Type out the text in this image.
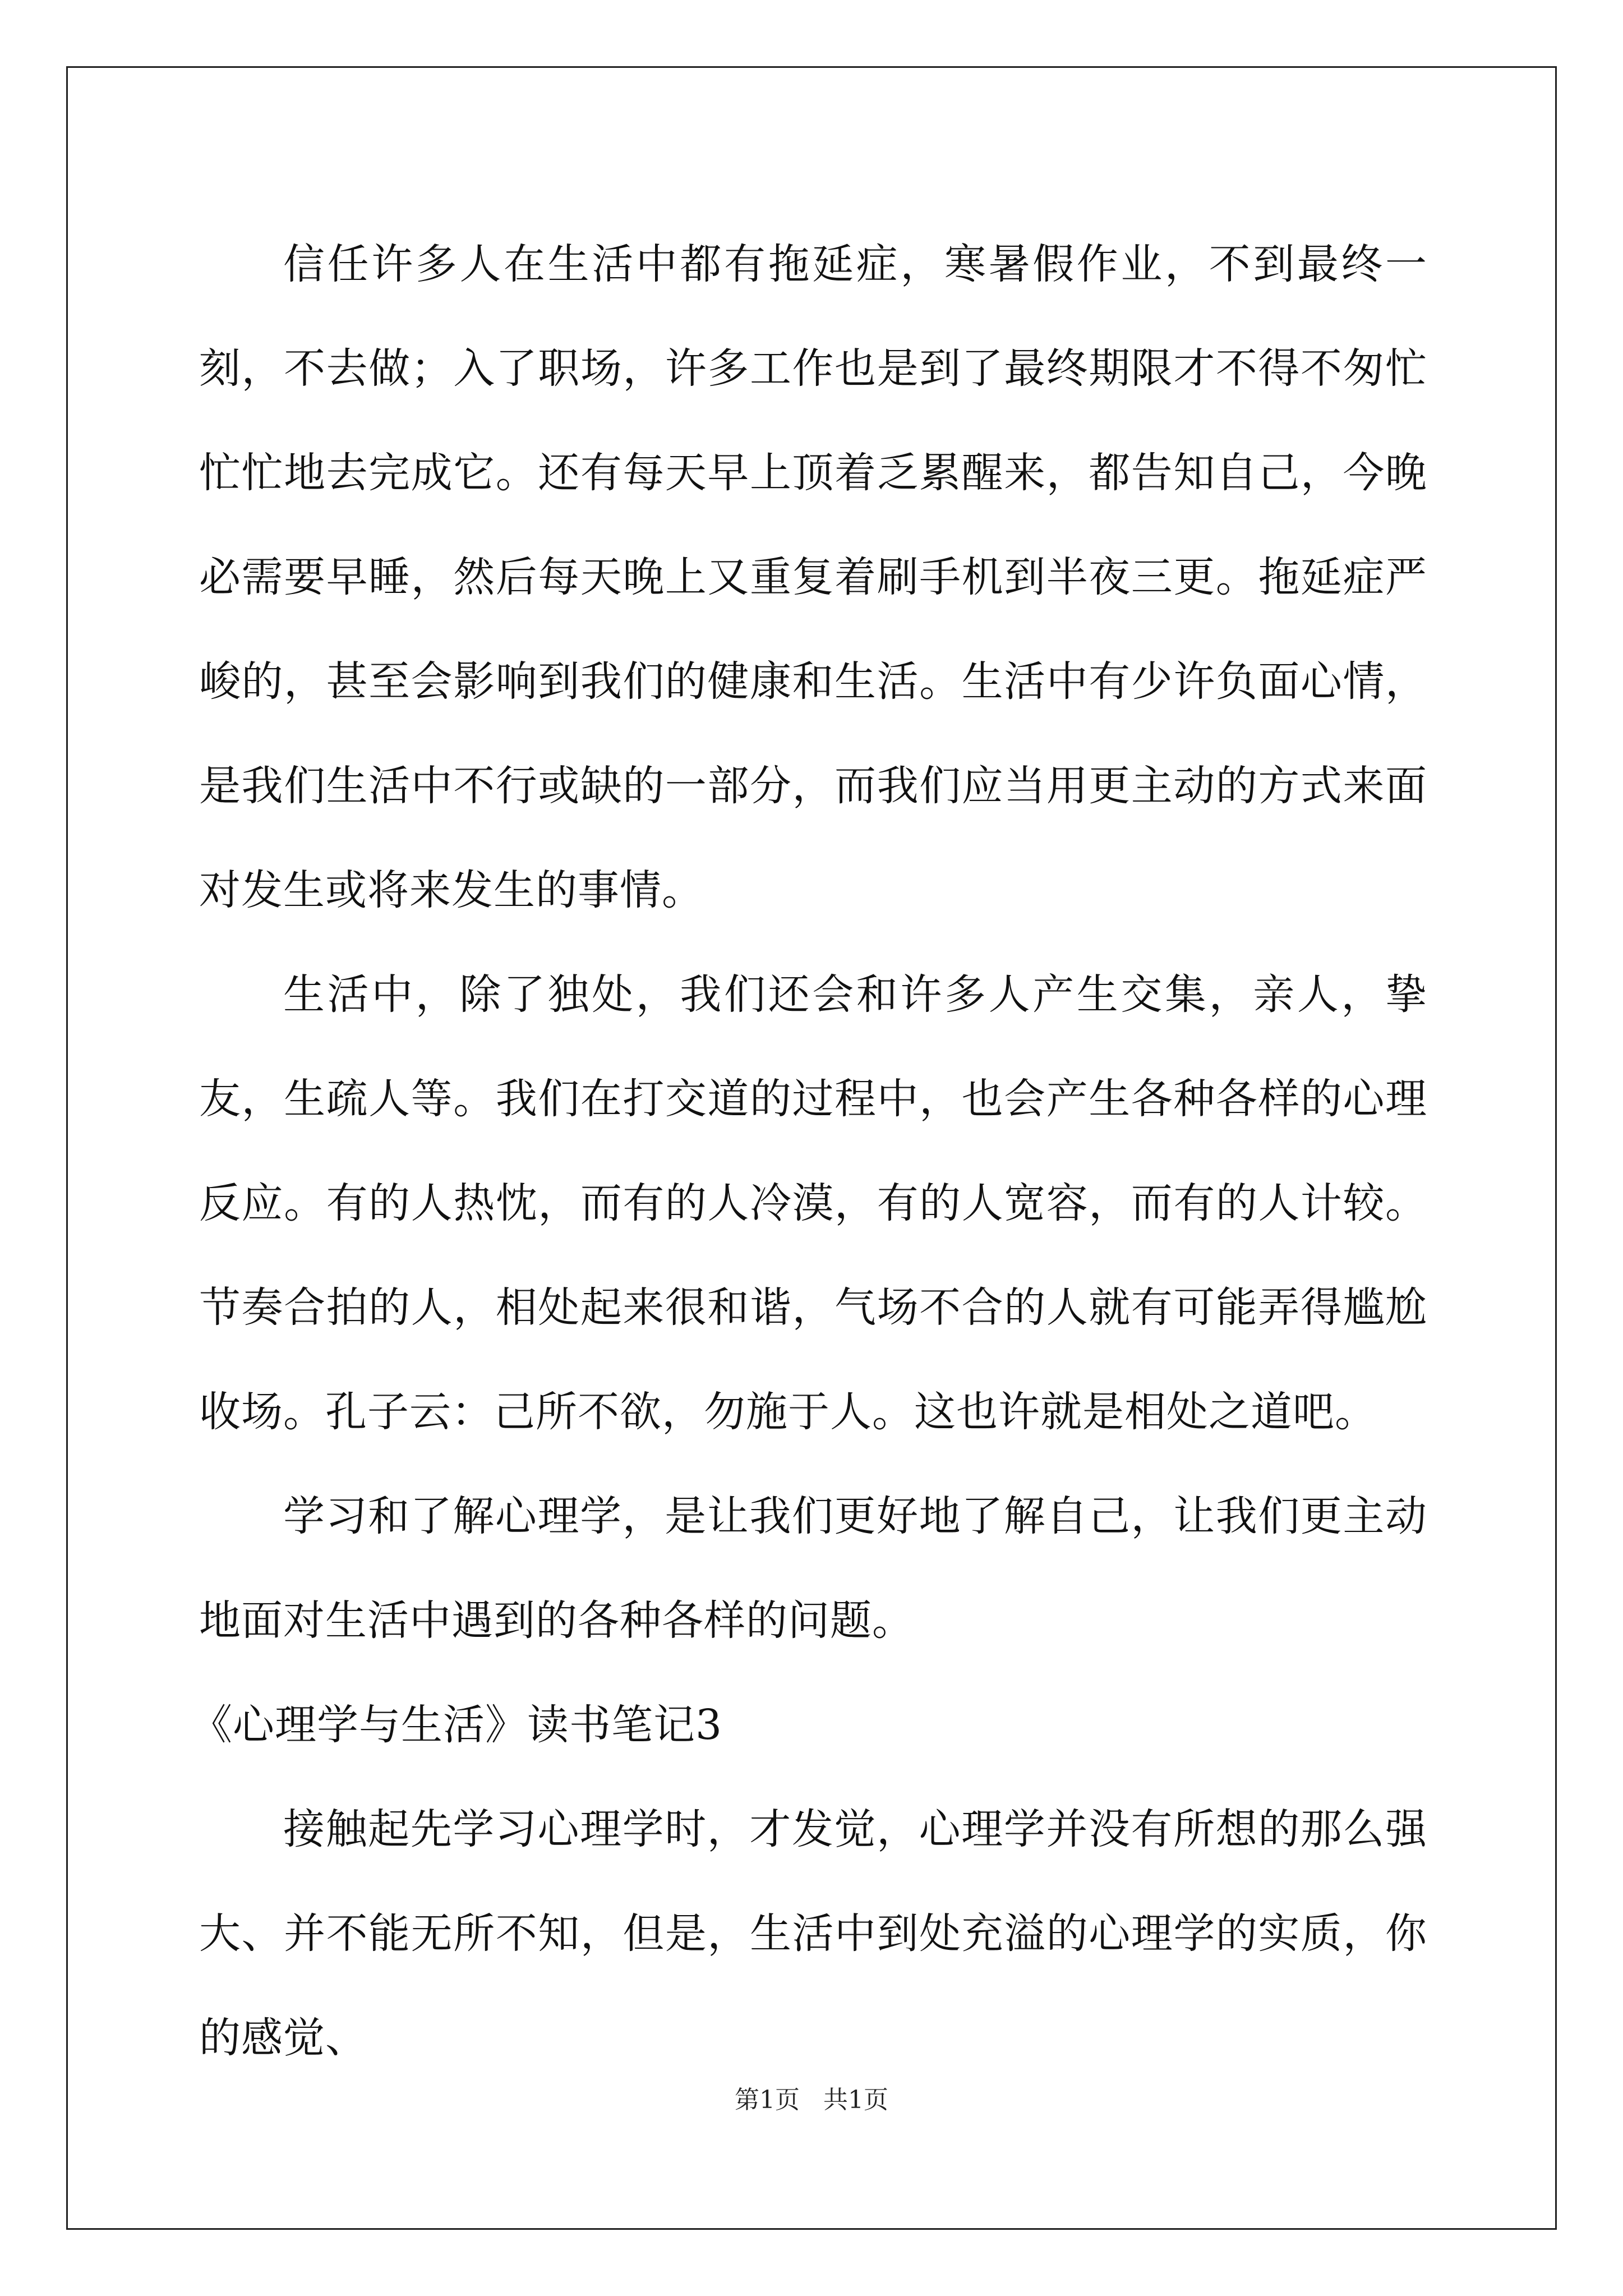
信任许多人在生活中都有拖延症，寒暑假作业，不到最终一刻，不去做；入了职场，许多工作也是到了最终期限才不得不匆忙忙忙地去完成它。还有每天早上顶着乏累醒来，都告知自己，今晚必需要早睡，然后每天晚上又重复着刷手机到半夜三更。拖延症严峻的，甚至会影响到我们的健康和生活。生活中有少许负面心情，是我们生活中不行或缺的一部分，而我们应当用更主动的方式来面对发生或将来发生的事情。

生活中，除了独处，我们还会和许多人产生交集，亲人，挚友，生疏人等。我们在打交道的过程中，也会产生各种各样的心理反应。有的人热忱，而有的人冷漠，有的人宽容，而有的人计较。节奏合拍的人，相处起来很和谐，气场不合的人就有可能弄得尴尬收场。孔子云：己所不欲，勿施于人。这也许就是相处之道吧。

学习和了解心理学，是让我们更好地了解自己，让我们更主动地面对生活中遇到的各种各样的问题。

《心理学与生活》读书笔记3

接触起先学习心理学时，才发觉，心理学并没有所想的那么强大、并不能无所不知，但是，生活中到处充溢的心理学的实质，你的感觉、

第1页   共1页
